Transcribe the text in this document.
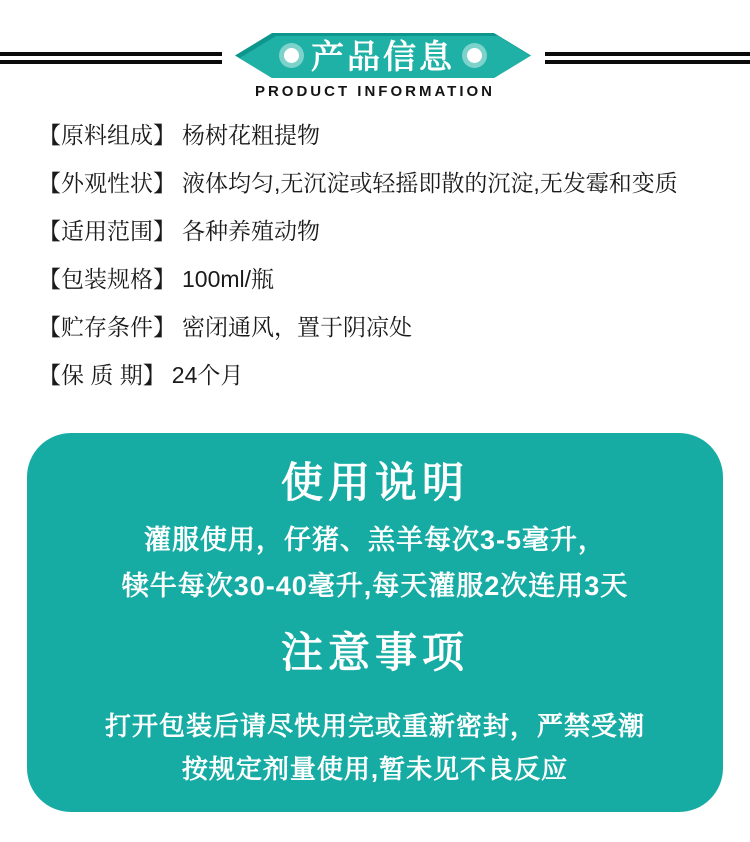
产品信息
PRODUCT INFORMATION
【原料组成】 杨树花粗提物
【外观性状】 液体均匀,无沉淀或轻摇即散的沉淀,无发霉和变质
【适用范围】 各种养殖动物
【包装规格】 100ml/瓶
【贮存条件】 密闭通风，置于阴凉处
【保 质 期】 24个月
使用说明
灌服使用，仔猪、羔羊每次3-5毫升，
犊牛每次30-40毫升,每天灌服2次连用3天
注意事项
打开包装后请尽快用完或重新密封，严禁受潮
按规定剂量使用,暂未见不良反应
